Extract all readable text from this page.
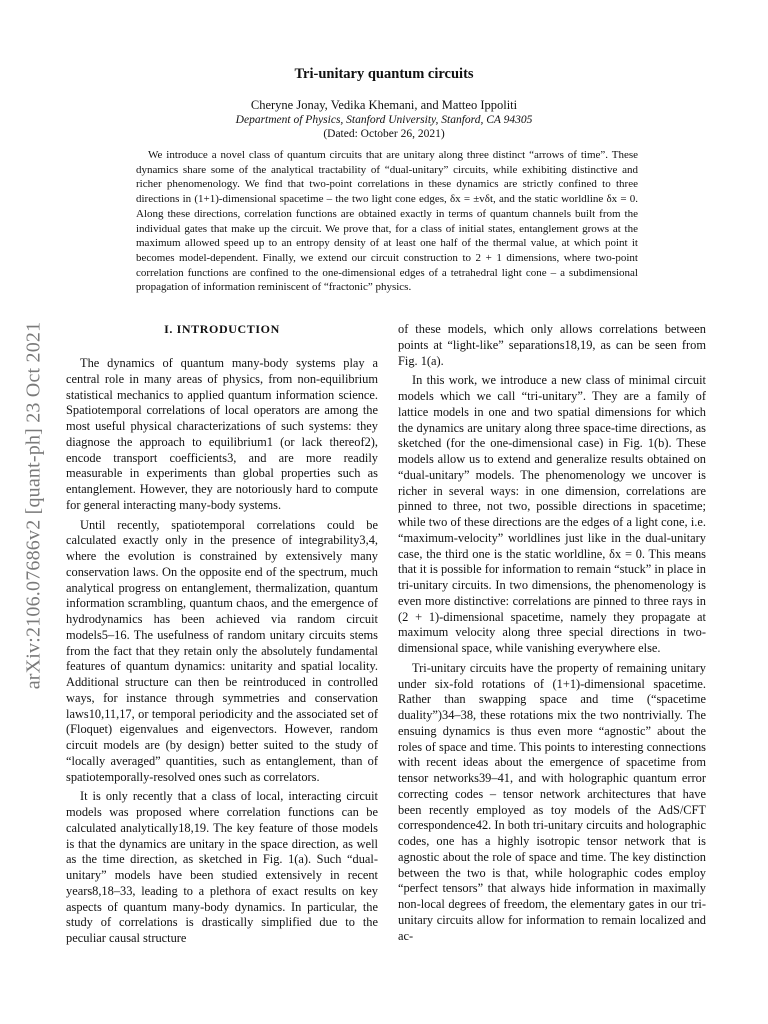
arXiv:2106.07686v2 [quant-ph] 23 Oct 2021
Tri-unitary quantum circuits
Cheryne Jonay, Vedika Khemani, and Matteo Ippoliti
Department of Physics, Stanford University, Stanford, CA 94305
(Dated: October 26, 2021)
We introduce a novel class of quantum circuits that are unitary along three distinct “arrows of time”. These dynamics share some of the analytical tractability of “dual-unitary” circuits, while exhibiting distinctive and richer phenomenology. We find that two-point correlations in these dynamics are strictly confined to three directions in (1+1)-dimensional spacetime – the two light cone edges, δx = ±vδt, and the static worldline δx = 0. Along these directions, correlation functions are obtained exactly in terms of quantum channels built from the individual gates that make up the circuit. We prove that, for a class of initial states, entanglement grows at the maximum allowed speed up to an entropy density of at least one half of the thermal value, at which point it becomes model-dependent. Finally, we extend our circuit construction to 2 + 1 dimensions, where two-point correlation functions are confined to the one-dimensional edges of a tetrahedral light cone – a subdimensional propagation of information reminiscent of “fractonic” physics.
I. INTRODUCTION

The dynamics of quantum many-body systems play a central role in many areas of physics, from non-equilibrium statistical mechanics to applied quantum information science. Spatiotemporal correlations of local operators are among the most useful physical characterizations of such systems: they diagnose the approach to equilibrium1 (or lack thereof2), encode transport coefficients3, and are more readily measurable in experiments than global properties such as entanglement. However, they are notoriously hard to compute for general interacting many-body systems.

Until recently, spatiotemporal correlations could be calculated exactly only in the presence of integrability3,4, where the evolution is constrained by extensively many conservation laws. On the opposite end of the spectrum, much analytical progress on entanglement, thermalization, quantum information scrambling, quantum chaos, and the emergence of hydrodynamics has been achieved via random circuit models5–16. The usefulness of random unitary circuits stems from the fact that they retain only the absolutely fundamental features of quantum dynamics: unitarity and spatial locality. Additional structure can then be reintroduced in controlled ways, for instance through symmetries and conservation laws10,11,17, or temporal periodicity and the associated set of (Floquet) eigenvalues and eigenvectors. However, random circuit models are (by design) better suited to the study of “locally averaged” quantities, such as entanglement, than of spatiotemporally-resolved ones such as correlators.

It is only recently that a class of local, interacting circuit models was proposed where correlation functions can be calculated analytically18,19. The key feature of those models is that the dynamics are unitary in the space direction, as well as the time direction, as sketched in Fig. 1(a). Such “dual-unitary” models have been studied extensively in recent years8,18–33, leading to a plethora of exact results on key aspects of quantum many-body dynamics. In particular, the study of correlations is drastically simplified due to the peculiar causal structure

of these models, which only allows correlations between points at “light-like” separations18,19, as can be seen from Fig. 1(a).

In this work, we introduce a new class of minimal circuit models which we call “tri-unitary”. They are a family of lattice models in one and two spatial dimensions for which the dynamics are unitary along three space-time directions, as sketched (for the one-dimensional case) in Fig. 1(b). These models allow us to extend and generalize results obtained on “dual-unitary” models. The phenomenology we uncover is richer in several ways: in one dimension, correlations are pinned to three, not two, possible directions in spacetime; while two of these directions are the edges of a light cone, i.e. “maximum-velocity” worldlines just like in the dual-unitary case, the third one is the static worldline, δx = 0. This means that it is possible for information to remain “stuck” in place in tri-unitary circuits. In two dimensions, the phenomenology is even more distinctive: correlations are pinned to three rays in (2 + 1)-dimensional spacetime, namely they propagate at maximum velocity along three special directions in two-dimensional space, while vanishing everywhere else.

Tri-unitary circuits have the property of remaining unitary under six-fold rotations of (1+1)-dimensional spacetime. Rather than swapping space and time (“spacetime duality”)34–38, these rotations mix the two nontrivially. The ensuing dynamics is thus even more “agnostic” about the roles of space and time. This points to interesting connections with recent ideas about the emergence of spacetime from tensor networks39–41, and with holographic quantum error correcting codes – tensor network architectures that have been recently employed as toy models of the AdS/CFT correspondence42. In both tri-unitary circuits and holographic codes, one has a highly isotropic tensor network that is agnostic about the role of space and time. The key distinction between the two is that, while holographic codes employ “perfect tensors” that always hide information in maximally non-local degrees of freedom, the elementary gates in our tri-unitary circuits allow for information to remain localized and ac-
